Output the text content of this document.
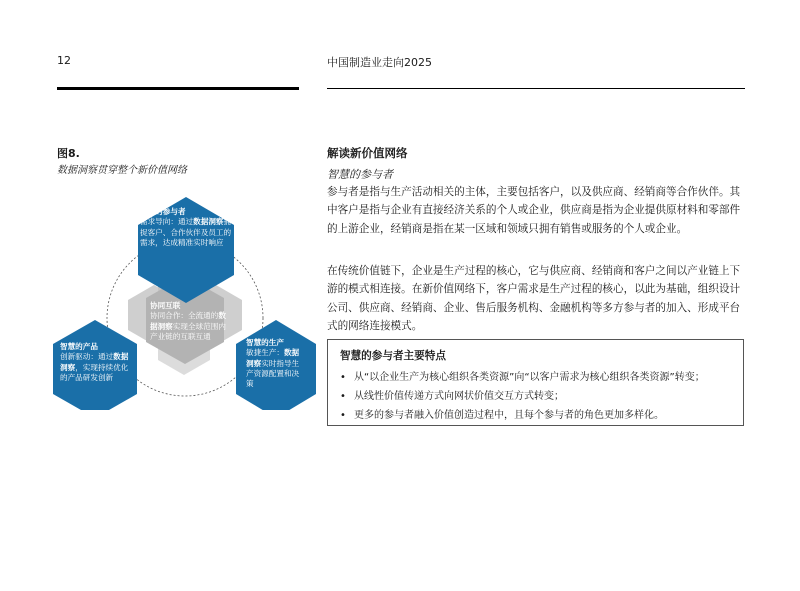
12	中国制造业走向2025
图8.
数据洞察贯穿整个新价值网络
智慧的参与者
需求导向：通过数据洞察捕捉客户、合作伙伴及员工的需求，达成精准实时响应
协同互联
协同合作：全流通的数据洞察实现全球范围内产业链的互联互通
智慧的产品
创新驱动：通过数据洞察，实现持续优化的产品研发创新
智慧的生产
敏捷生产：数据洞察实时指导生产资源配置和决策
解读新价值网络
智慧的参与者

参与者是指与生产活动相关的主体，主要包括客户，以及供应商、经销商等合作伙伴。其中客户是指与企业有直接经济关系的个人或企业，供应商是指为企业提供原材料和零部件的上游企业，经销商是指在某一区域和领域只拥有销售或服务的个人或企业。

在传统价值链下，企业是生产过程的核心，它与供应商、经销商和客户之间以产业链上下游的模式相连接。在新价值网络下，客户需求是生产过程的核心，以此为基础，组织设计公司、供应商、经销商、企业、售后服务机构、金融机构等多方参与者的加入、形成平台式的网络连接模式。

智慧的参与者主要特点
• 从“以企业生产为核心组织各类资源”向“以客户需求为核心组织各类资源”转变；
• 从线性价值传递方式向网状价值交互方式转变；
• 更多的参与者融入价值创造过程中，且每个参与者的角色更加多样化。
